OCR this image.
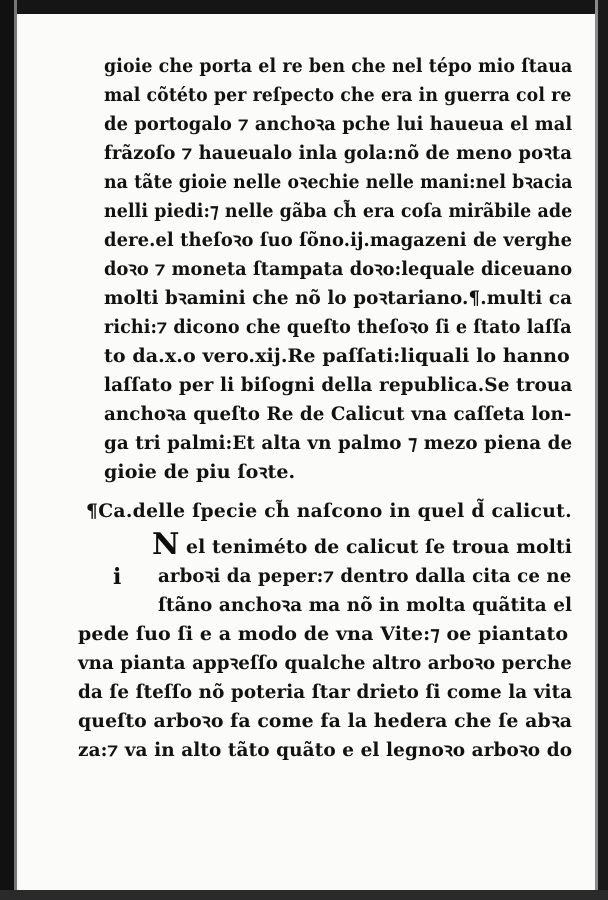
gioie che porta el re ben che nel tépo mio ſtaua
mal cõtéto per reſpecto che era in guerra col re
de portogalo ⁊ anchoꝛa pche lui haueua el mal
frãzoſo ⁊ haueualo inla gola:nõ de meno poꝛta
na tãte gioie nelle oꝛechie nelle mani:nel bꝛacia
nelli piedi:⁊ nelle gãba ch̃ era coſa mirãbile ade
dere.el theſoꝛo ſuo ſõno.ij.magazeni de verghe
doꝛo ⁊ moneta ſtampata doꝛo:lequale diceuano
molti bꝛamini che nõ lo poꝛtariano.¶.multi ca
richi:⁊ dicono che queſto theſoꝛo ſi e ſtato laſſa
to da.x.o vero.xij.Re paſſati:liquali lo hanno
laſſato per li biſogni della republica.Se troua
anchoꝛa queſto Re de Calicut vna caſſeta lon-
ga tri palmi:Et alta vn palmo ⁊ mezo piena de
gioie de piu ſoꝛte.
¶Ca.delle ſpecie ch̃ naſcono in quel d̃ calicut.
N
i
el teniméto de calicut ſe troua molti
arboꝛi da peper:⁊ dentro dalla cita ce ne
ſtãno anchoꝛa ma nõ in molta quãtita el
pede ſuo ſi e a modo de vna Vite:⁊ oe piantato
vna pianta appꝛeſſo qualche altro arboꝛo perche
da ſe ſteſſo nõ poteria ſtar drieto ſi come la vita
queſto arboꝛo fa come fa la hedera che ſe abꝛa
za:⁊ va in alto tãto quãto e el legnoꝛo arboꝛo do
